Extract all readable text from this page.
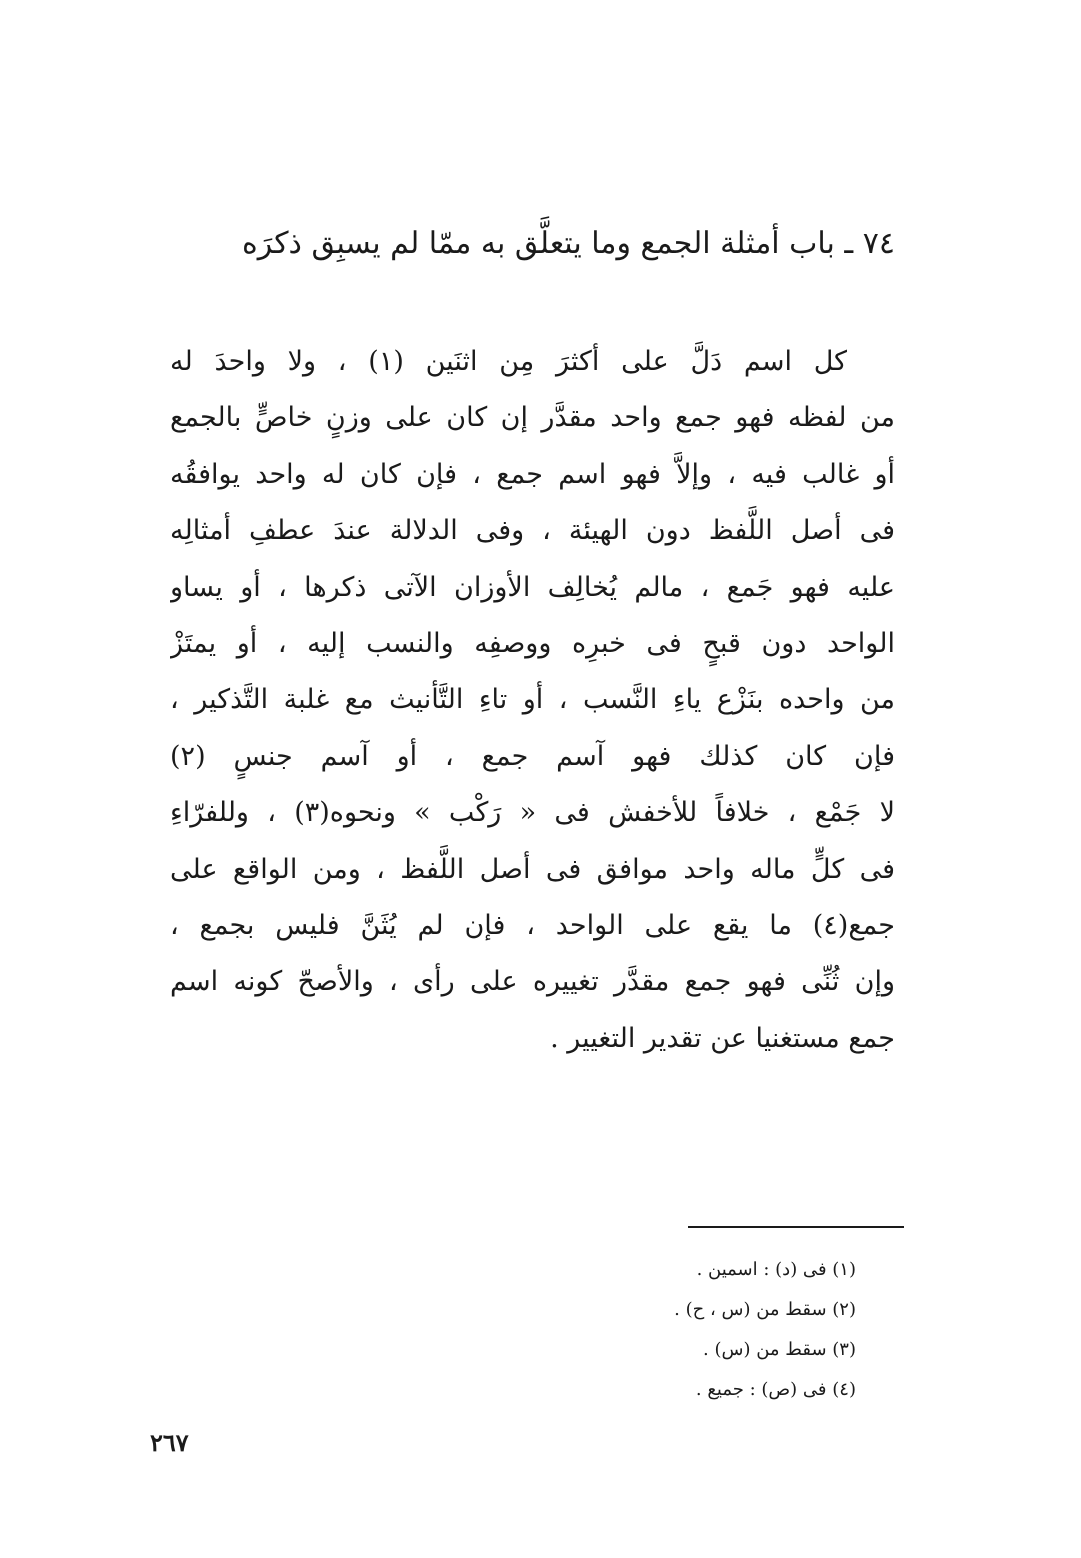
٧٤ ـ باب أمثلة الجمع وما يتعلَّق به ممّا لم يسبِق ذكرَه
كل اسم دَلَّ على أكثرَ مِن اثنَين (١) ، ولا واحدَ له
من لفظه فهو جمع واحد مقدَّر إن كان على وزنٍ خاصٍّ بالجمع
أو غالب فيه ، وإلاَّ فهو اسم جمع ، فإن كان له واحد يوافقُه
فى أصل اللَّفظ دون الهيئة ، وفى الدلالة عندَ عطفِ أمثالِه
عليه فهو جَمع ، مالم يُخالِف الأوزان الآتى ذكرها ، أو يساو
الواحد دون قبحٍ فى خبرِه ووصفِه والنسب إليه ، أو يمتَزْ
من واحده بنَزْع ياءِ النَّسب ، أو تاءِ التَّأنيث مع غلبة التَّذكير ،
فإن كان كذلك فهو آسم جمع ، أو آسم جنسٍ (٢)
لا جَمْع ، خلافاً للأخفش فى « رَكْب » ونحوه(٣) ، وللفرّاءِ
فى كلٍّ ماله واحد موافق فى أصل اللَّفظ ، ومن الواقع على
جمع(٤) ما يقع على الواحد ، فإن لم يُثَنَّ فليس بجمع ،
وإن ثُنِّى فهو جمع مقدَّر تغييره على رأى ، والأصحّ كونه اسم
جمع مستغنيا عن تقدير التغيير .
(١) فى (د) : اسمين .
(٢) سقط من (س ، ح) .
(٣) سقط من (س) .
(٤) فى (ص) : جميع .
٢٦٧
